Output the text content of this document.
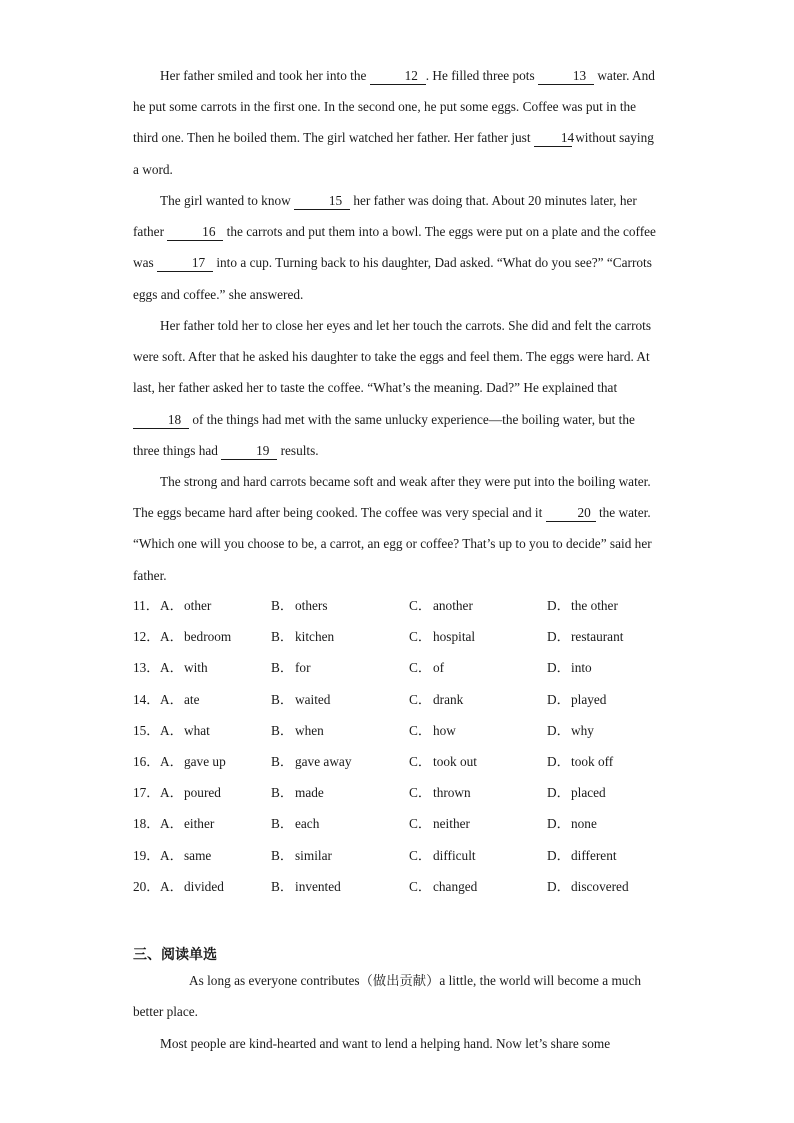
Her father smiled and took her into the	12 . He filled three pots	13 water. And he put some carrots in the first one. In the second one, he put some eggs. Coffee was put in the third one. Then he boiled them. The girl watched her father. Her father just 14 without saying a word.

The girl wanted to know	15 her father was doing that. About 20 minutes later, her father	16 the carrots and put them into a bowl. The eggs were put on a plate and the coffee was	17 into a cup. Turning back to his daughter, Dad asked. “What do you see?” “Carrots eggs and coffee.” she answered.

Her father told her to close her eyes and let her touch the carrots. She did and felt the carrots were soft. After that he asked his daughter to take the eggs and feel them. The eggs were hard. At last, her father asked her to taste the coffee. “What’s the meaning. Dad?” He explained that 18 of the things had met with the same unlucky experience—the boiling water, but the three things had	19 results.

The strong and hard carrots became soft and weak after they were put into the boiling water. The eggs became hard after being cooked. The coffee was very special and it 20 the water. “Which one will you choose to be, a carrot, an egg or coffee? That’s up to you to decide” said her father.

11． A．other	B． others	C． another	D．the other
12． A．bedroom	B． kitchen	C． hospital	D．restaurant
13． A．with	B． for	C． of	D．into
14． A．ate	B． waited	C． drank	D．played
15． A．what	B． when	C． how	D．why
16． A．gave up	B． gave away	C． took out	D．took off
17． A．poured	B． made	C． thrown	D．placed
18． A．either	B． each	C． neither	D．none
19． A．same	B． similar	C． difficult	D．different
20． A．divided	B． invented	C． changed	D．discovered
三、阅读单选

As long as everyone contributes（做出贡献）a little, the world will become a much better place.

Most people are kind-hearted and want to lend a helping hand. Now let’s share some
